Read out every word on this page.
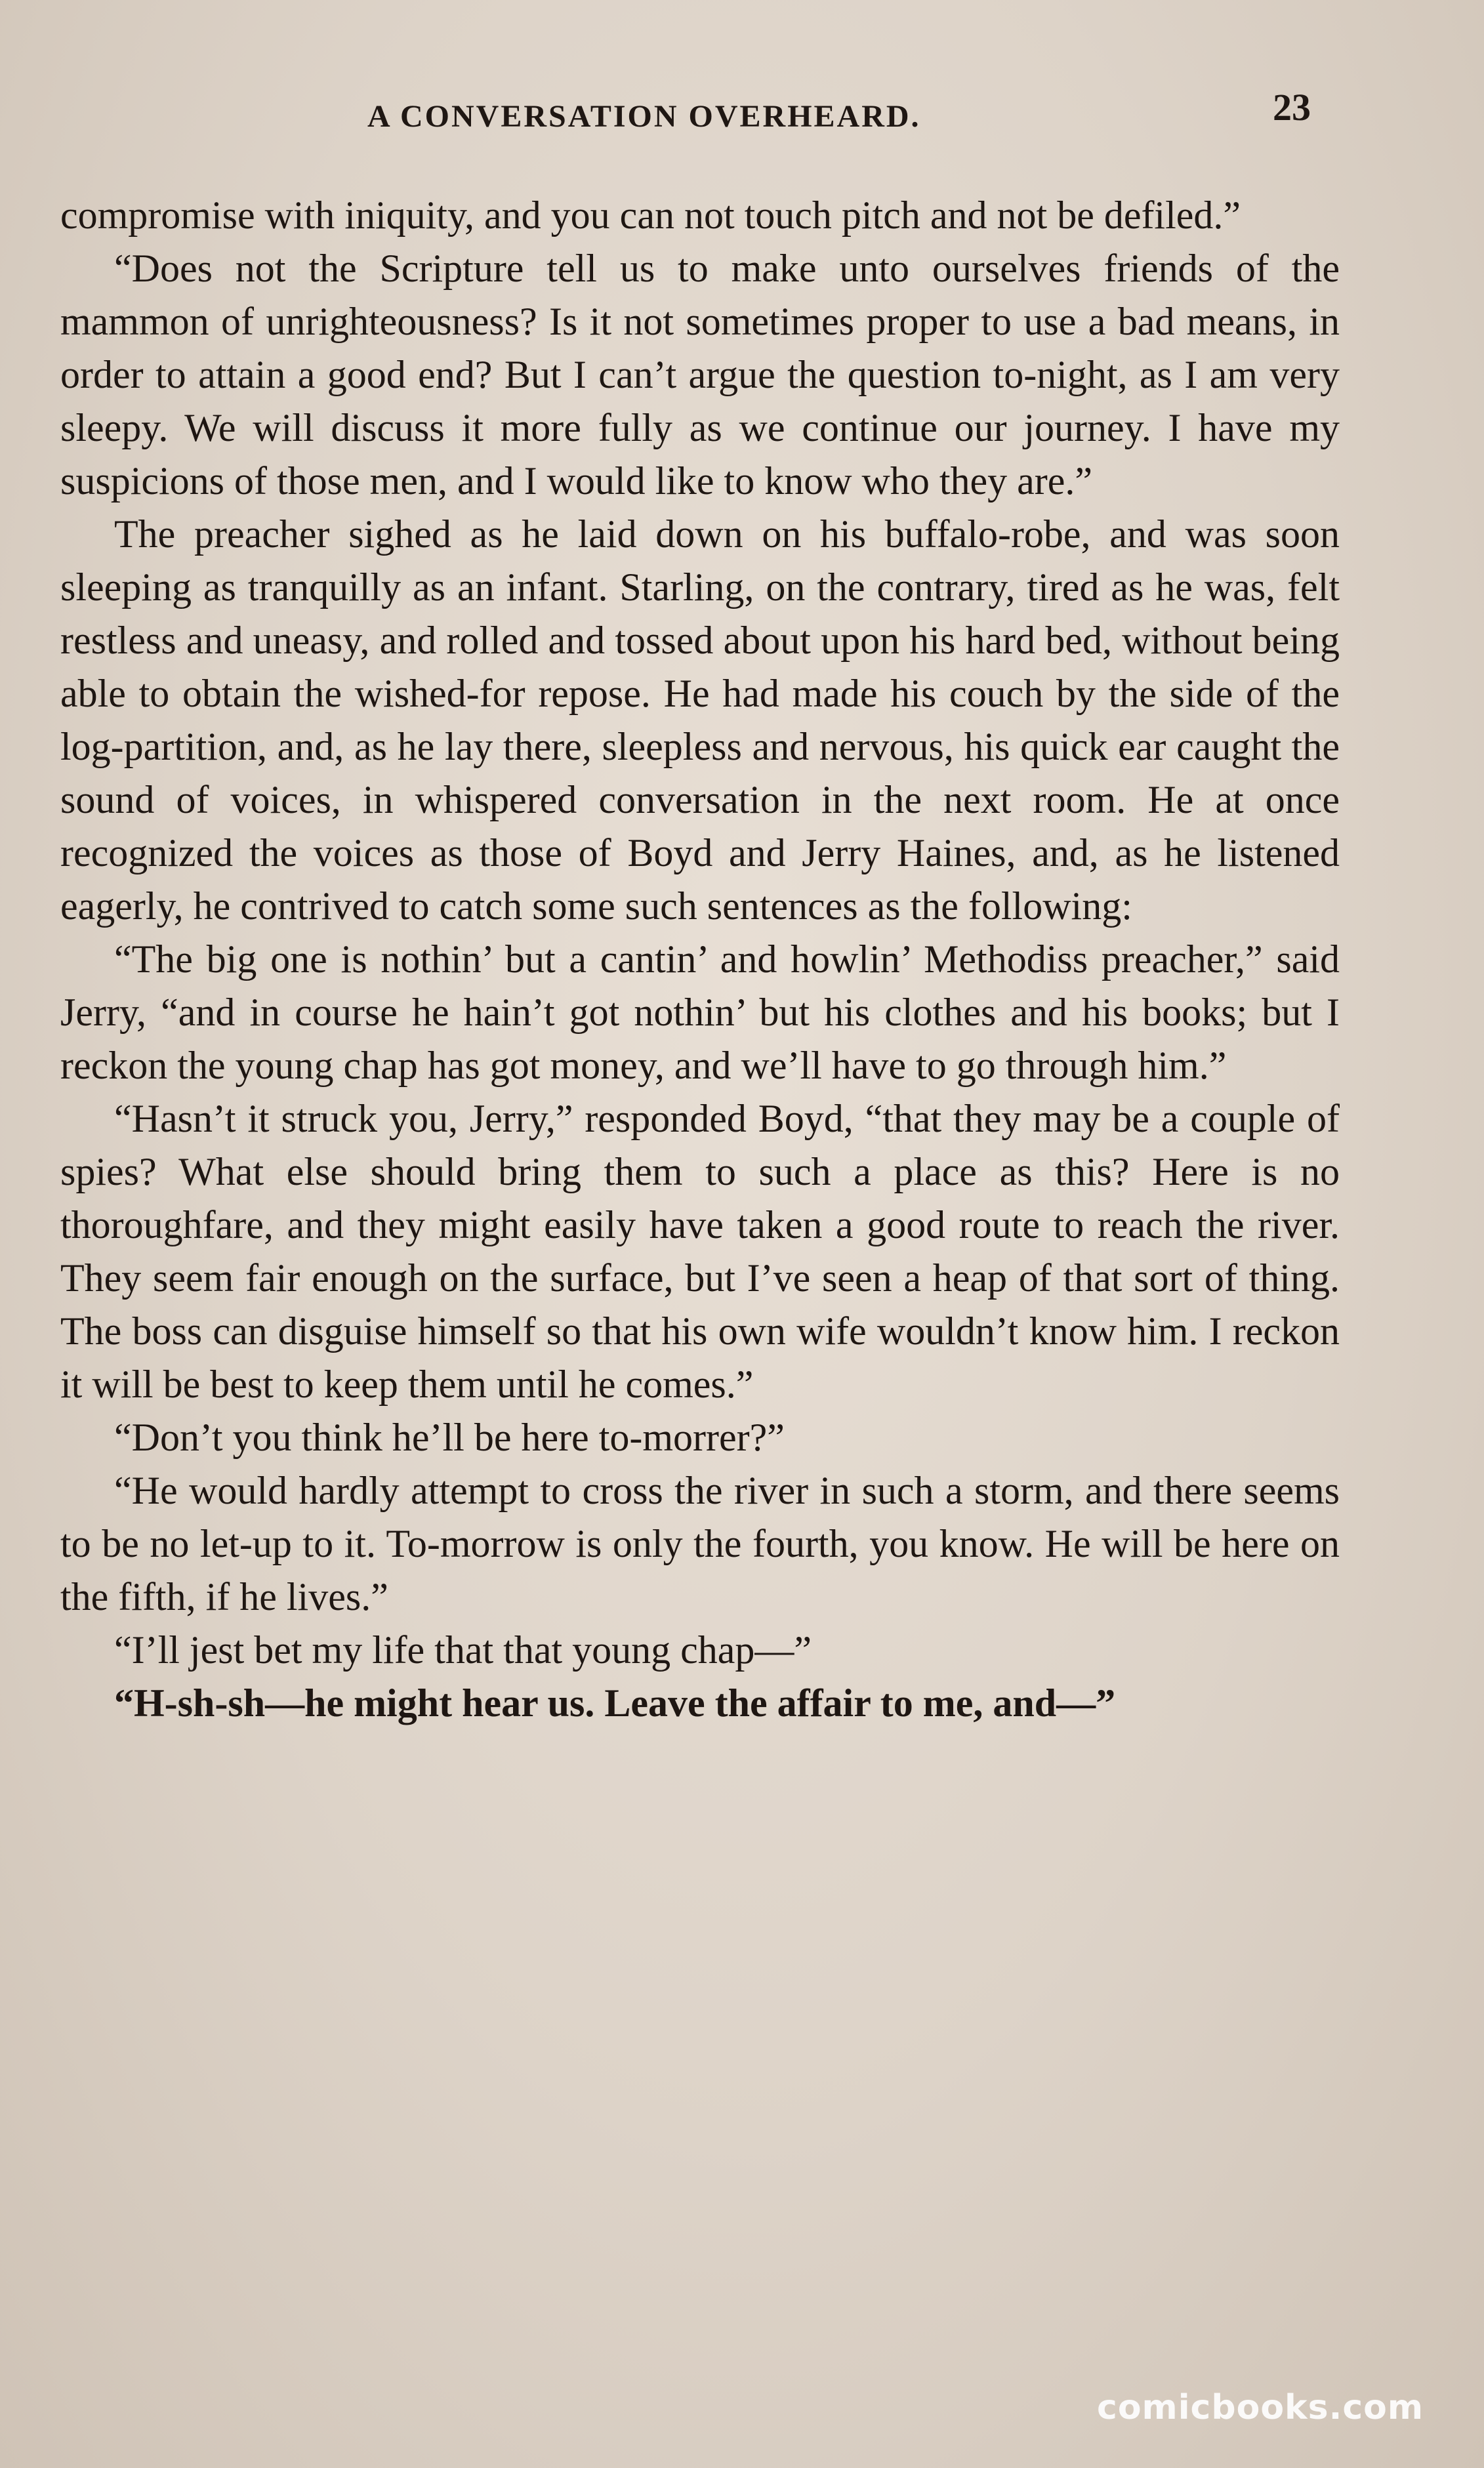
A CONVERSATION OVERHEARD.	23

compromise with iniquity, and you can not touch pitch and not be defiled.”

“Does not the Scripture tell us to make unto ourselves friends of the mammon of unrighteousness? Is it not sometimes proper to use a bad means, in order to attain a good end? But I can’t argue the question to-night, as I am very sleepy. We will discuss it more fully as we continue our journey. I have my suspicions of those men, and I would like to know who they are.”

The preacher sighed as he laid down on his buffalo-robe, and was soon sleeping as tranquilly as an infant. Starling, on the contrary, tired as he was, felt restless and uneasy, and rolled and tossed about upon his hard bed, without being able to obtain the wished-for repose. He had made his couch by the side of the log-partition, and, as he lay there, sleepless and nervous, his quick ear caught the sound of voices, in whispered conversation in the next room. He at once recognized the voices as those of Boyd and Jerry Haines, and, as he listened eagerly, he contrived to catch some such sentences as the following:

“The big one is nothin’ but a cantin’ and howlin’ Methodiss preacher,” said Jerry, “and in course he hain’t got nothin’ but his clothes and his books; but I reckon the young chap has got money, and we’ll have to go through him.”

“Hasn’t it struck you, Jerry,” responded Boyd, “that they may be a couple of spies? What else should bring them to such a place as this? Here is no thoroughfare, and they might easily have taken a good route to reach the river. They seem fair enough on the surface, but I’ve seen a heap of that sort of thing. The boss can disguise himself so that his own wife wouldn’t know him. I reckon it will be best to keep them until he comes.”

“Don’t you think he’ll be here to-morrer?”

“He would hardly attempt to cross the river in such a storm, and there seems to be no let-up to it. To-morrow is only the fourth, you know. He will be here on the fifth, if he lives.”

“I’ll jest bet my life that that young chap—”

“H-sh-sh—he might hear us. Leave the affair to me, and—”

comicbooks.com
